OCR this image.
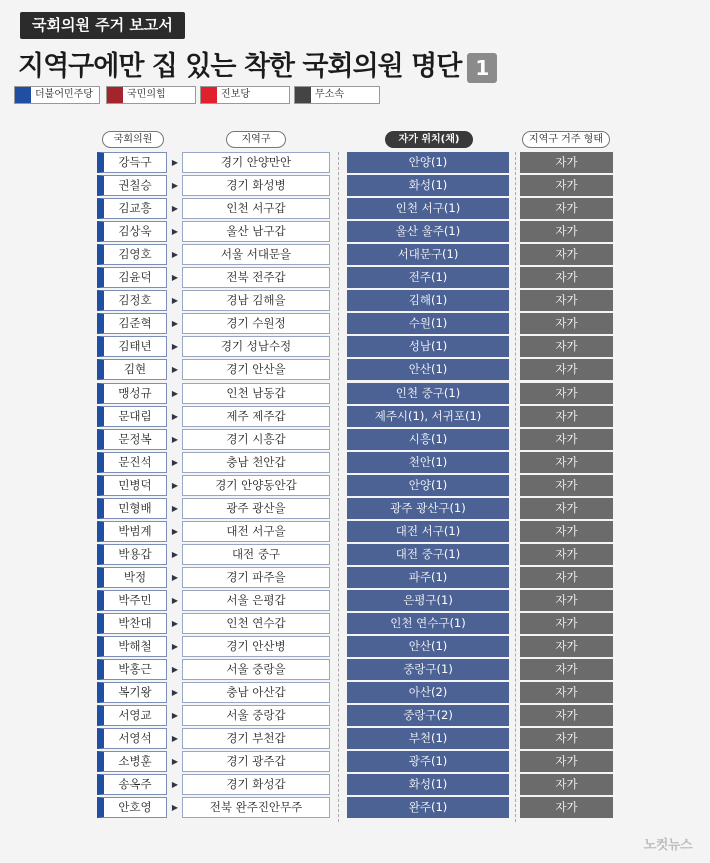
국회의원 주거 보고서
지역구에만 집 있는 착한 국회의원 명단 1
더불어민주당	국민의힘	진보당	무소속
국회의원	지역구	자가 위치(채)	지역구 거주 형태
강득구	▶	경기 안양만안	안양(1)	자가
권칠승	▶	경기 화성병	화성(1)	자가
김교흥	▶	인천 서구갑	인천 서구(1)	자가
김상욱	▶	울산 남구갑	울산 울주(1)	자가
김영호	▶	서울 서대문을	서대문구(1)	자가
김윤덕	▶	전북 전주갑	전주(1)	자가
김정호	▶	경남 김해을	김해(1)	자가
김준혁	▶	경기 수원정	수원(1)	자가
김태년	▶	경기 성남수정	성남(1)	자가
김현	▶	경기 안산을	안산(1)	자가
맹성규	▶	인천 남동갑	인천 중구(1)	자가
문대림	▶	제주 제주갑	제주시(1), 서귀포(1)	자가
문정복	▶	경기 시흥갑	시흥(1)	자가
문진석	▶	충남 천안갑	천안(1)	자가
민병덕	▶	경기 안양동안갑	안양(1)	자가
민형배	▶	광주 광산을	광주 광산구(1)	자가
박범계	▶	대전 서구을	대전 서구(1)	자가
박용갑	▶	대전 중구	대전 중구(1)	자가
박정	▶	경기 파주을	파주(1)	자가
박주민	▶	서울 은평갑	은평구(1)	자가
박찬대	▶	인천 연수갑	인천 연수구(1)	자가
박해철	▶	경기 안산병	안산(1)	자가
박홍근	▶	서울 중랑을	중랑구(1)	자가
복기왕	▶	충남 아산갑	아산(2)	자가
서영교	▶	서울 중랑갑	중랑구(2)	자가
서영석	▶	경기 부천갑	부천(1)	자가
소병훈	▶	경기 광주갑	광주(1)	자가
송옥주	▶	경기 화성갑	화성(1)	자가
안호영	▶	전북 완주진안무주	완주(1)	자가
노컷뉴스
